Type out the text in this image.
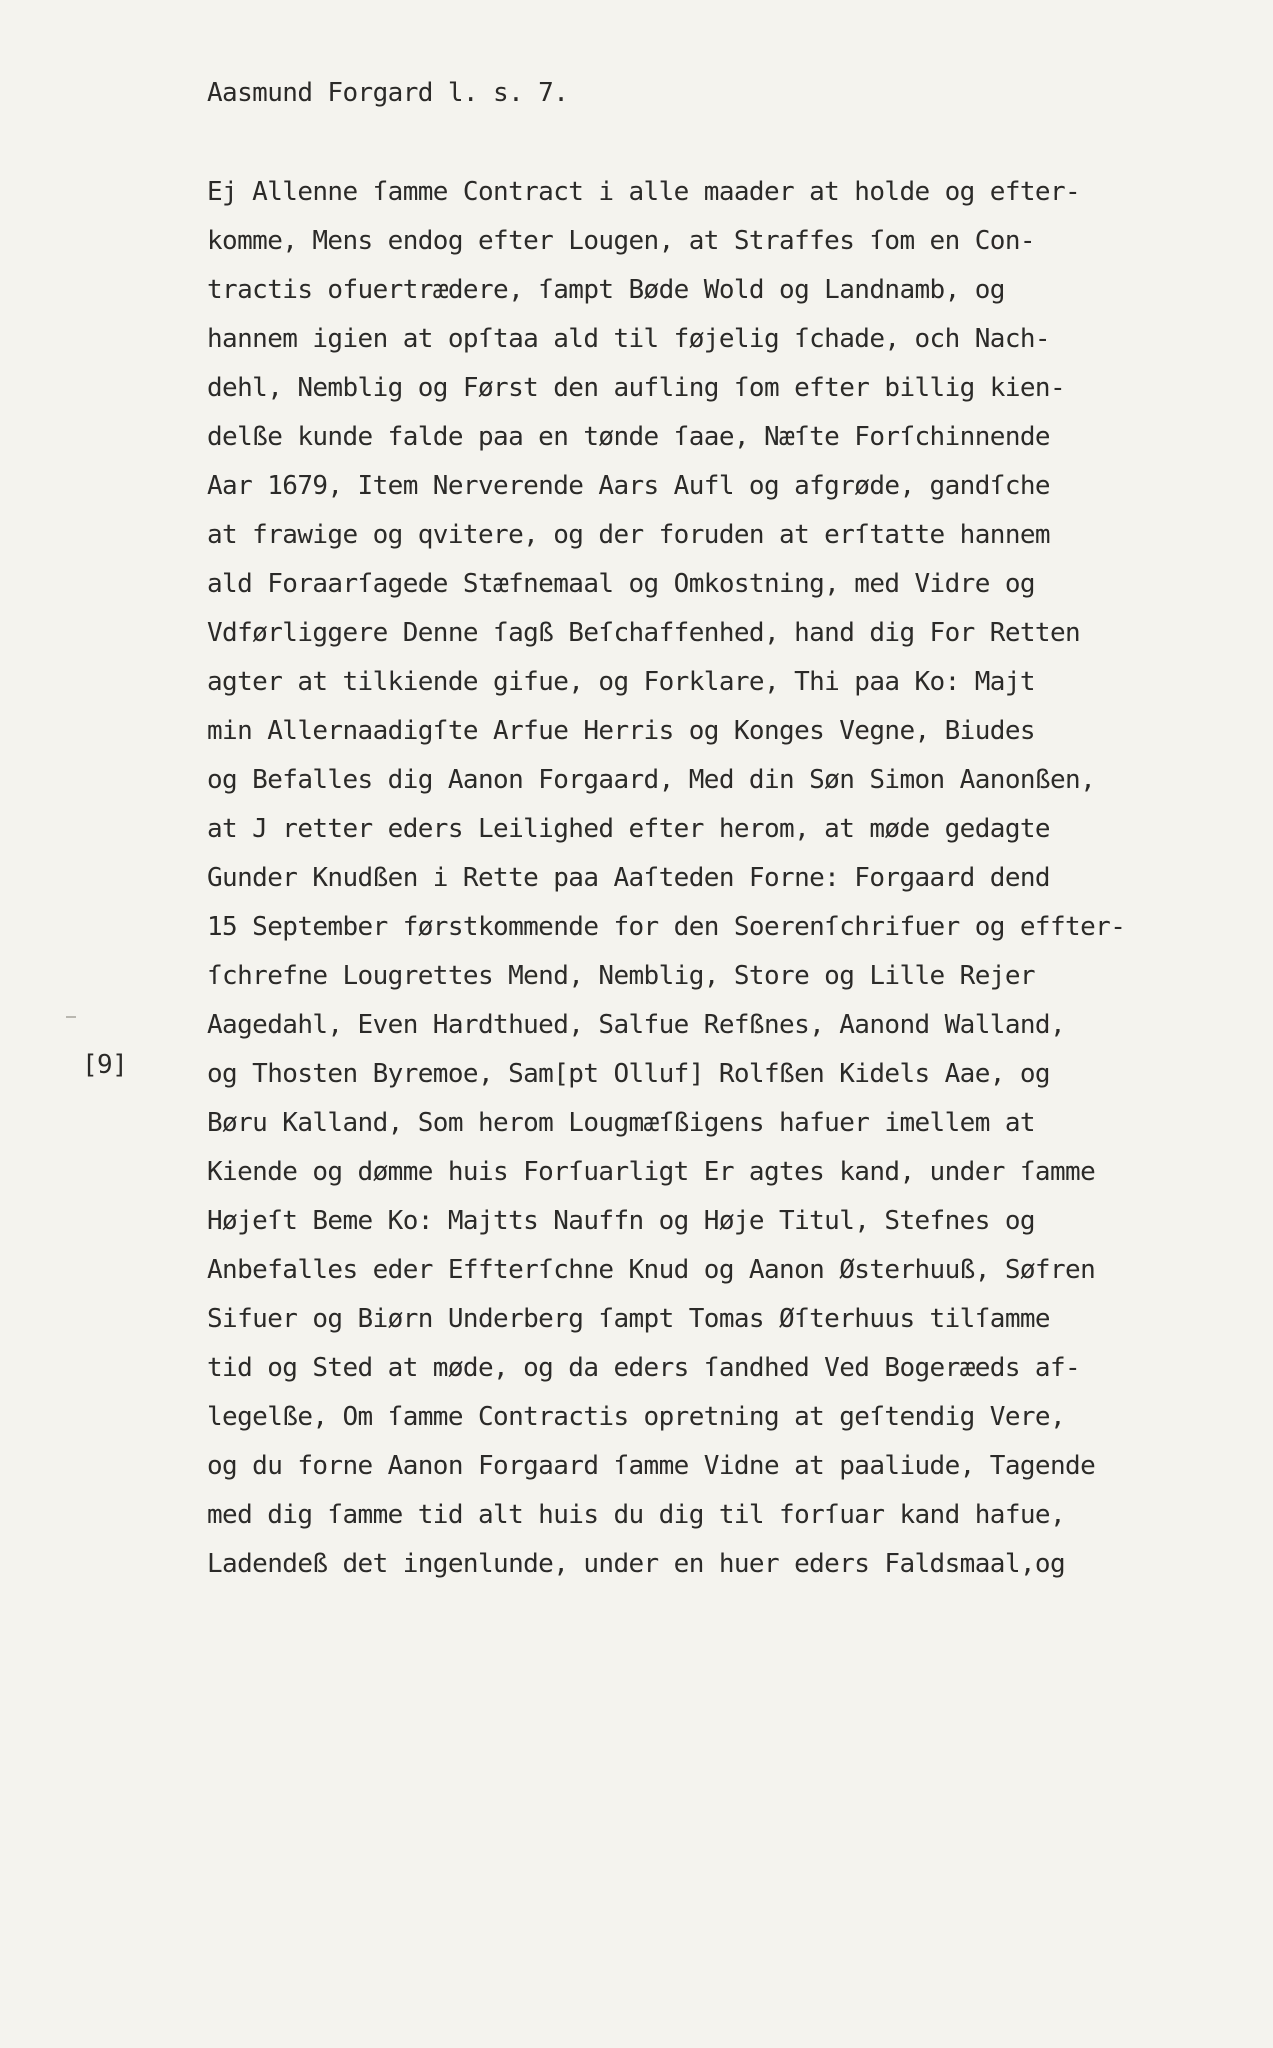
Aasmund Forgard l. s. 7.
[9]
Ej Allenne ſamme Contract i alle maader at holde og efter-
komme, Mens endog efter Lougen, at Straffes ſom en Con-
tractis ofuertrædere, ſampt Bøde Wold og Landnamb, og
hannem igien at opſtaa ald til føjelig ſchade, och Nach-
dehl, Nemblig og Først den aufling ſom efter billig kien-
delße kunde falde paa en tønde ſaae, Næſte Forſchinnende
Aar 1679, Item Nerverende Aars Aufl og afgrøde, gandſche
at frawige og qvitere, og der foruden at erſtatte hannem
ald Foraarſagede Stæfnemaal og Omkostning, med Vidre og
Vdførliggere Denne ſagß Beſchaffenhed, hand dig For Retten
agter at tilkiende gifue, og Forklare, Thi paa Ko: Majt
min Allernaadigſte Arfue Herris og Konges Vegne, Biudes
og Befalles dig Aanon Forgaard, Med din Søn Simon Aanonßen,
at J retter eders Leilighed efter herom, at møde gedagte
Gunder Knudßen i Rette paa Aaſteden Forne: Forgaard dend
15 September førstkommende for den Soerenſchrifuer og effter-
ſchrefne Lougrettes Mend, Nemblig, Store og Lille Rejer
Aagedahl, Even Hardthued, Salfue Refßnes, Aanond Walland,
og Thosten Byremoe, Sam[pt Olluf] Rolfßen Kidels Aae, og
Børu Kalland, Som herom Lougmæſßigens hafuer imellem at
Kiende og dømme huis Forſuarligt Er agtes kand, under ſamme
Højeſt Beme Ko: Majtts Nauffn og Høje Titul, Stefnes og
Anbefalles eder Effterſchne Knud og Aanon Østerhuuß, Søfren
Sifuer og Biørn Underberg ſampt Tomas Øſterhuus tilſamme
tid og Sted at møde, og da eders ſandhed Ved Bogeræeds af-
legelße, Om ſamme Contractis opretning at geſtendig Vere,
og du forne Aanon Forgaard ſamme Vidne at paaliude, Tagende
med dig ſamme tid alt huis du dig til forſuar kand hafue,
Ladendeß det ingenlunde, under en huer eders Faldsmaal,og
